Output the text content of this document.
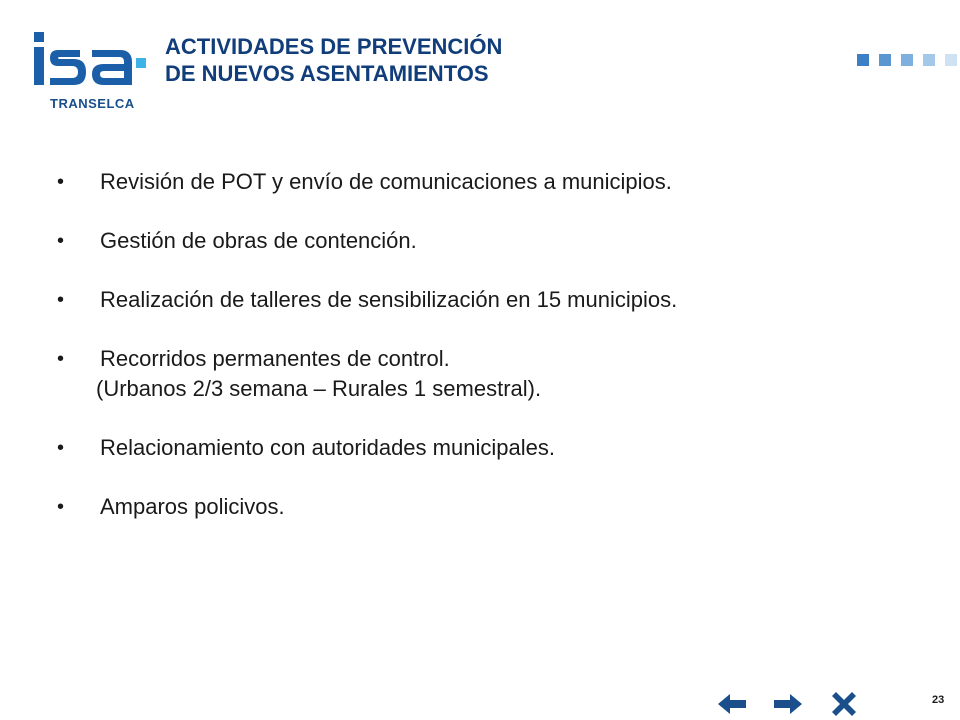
TRANSELCA
ACTIVIDADES DE PREVENCIÓN
DE NUEVOS ASENTAMIENTOS
• Revisión de POT y envío de comunicaciones a municipios.
• Gestión de obras de contención.
• Realización de talleres de sensibilización en 15 municipios.
• Recorridos permanentes de control.
(Urbanos 2/3 semana – Rurales 1 semestral).
• Relacionamiento con autoridades municipales.
• Amparos policivos.
23
